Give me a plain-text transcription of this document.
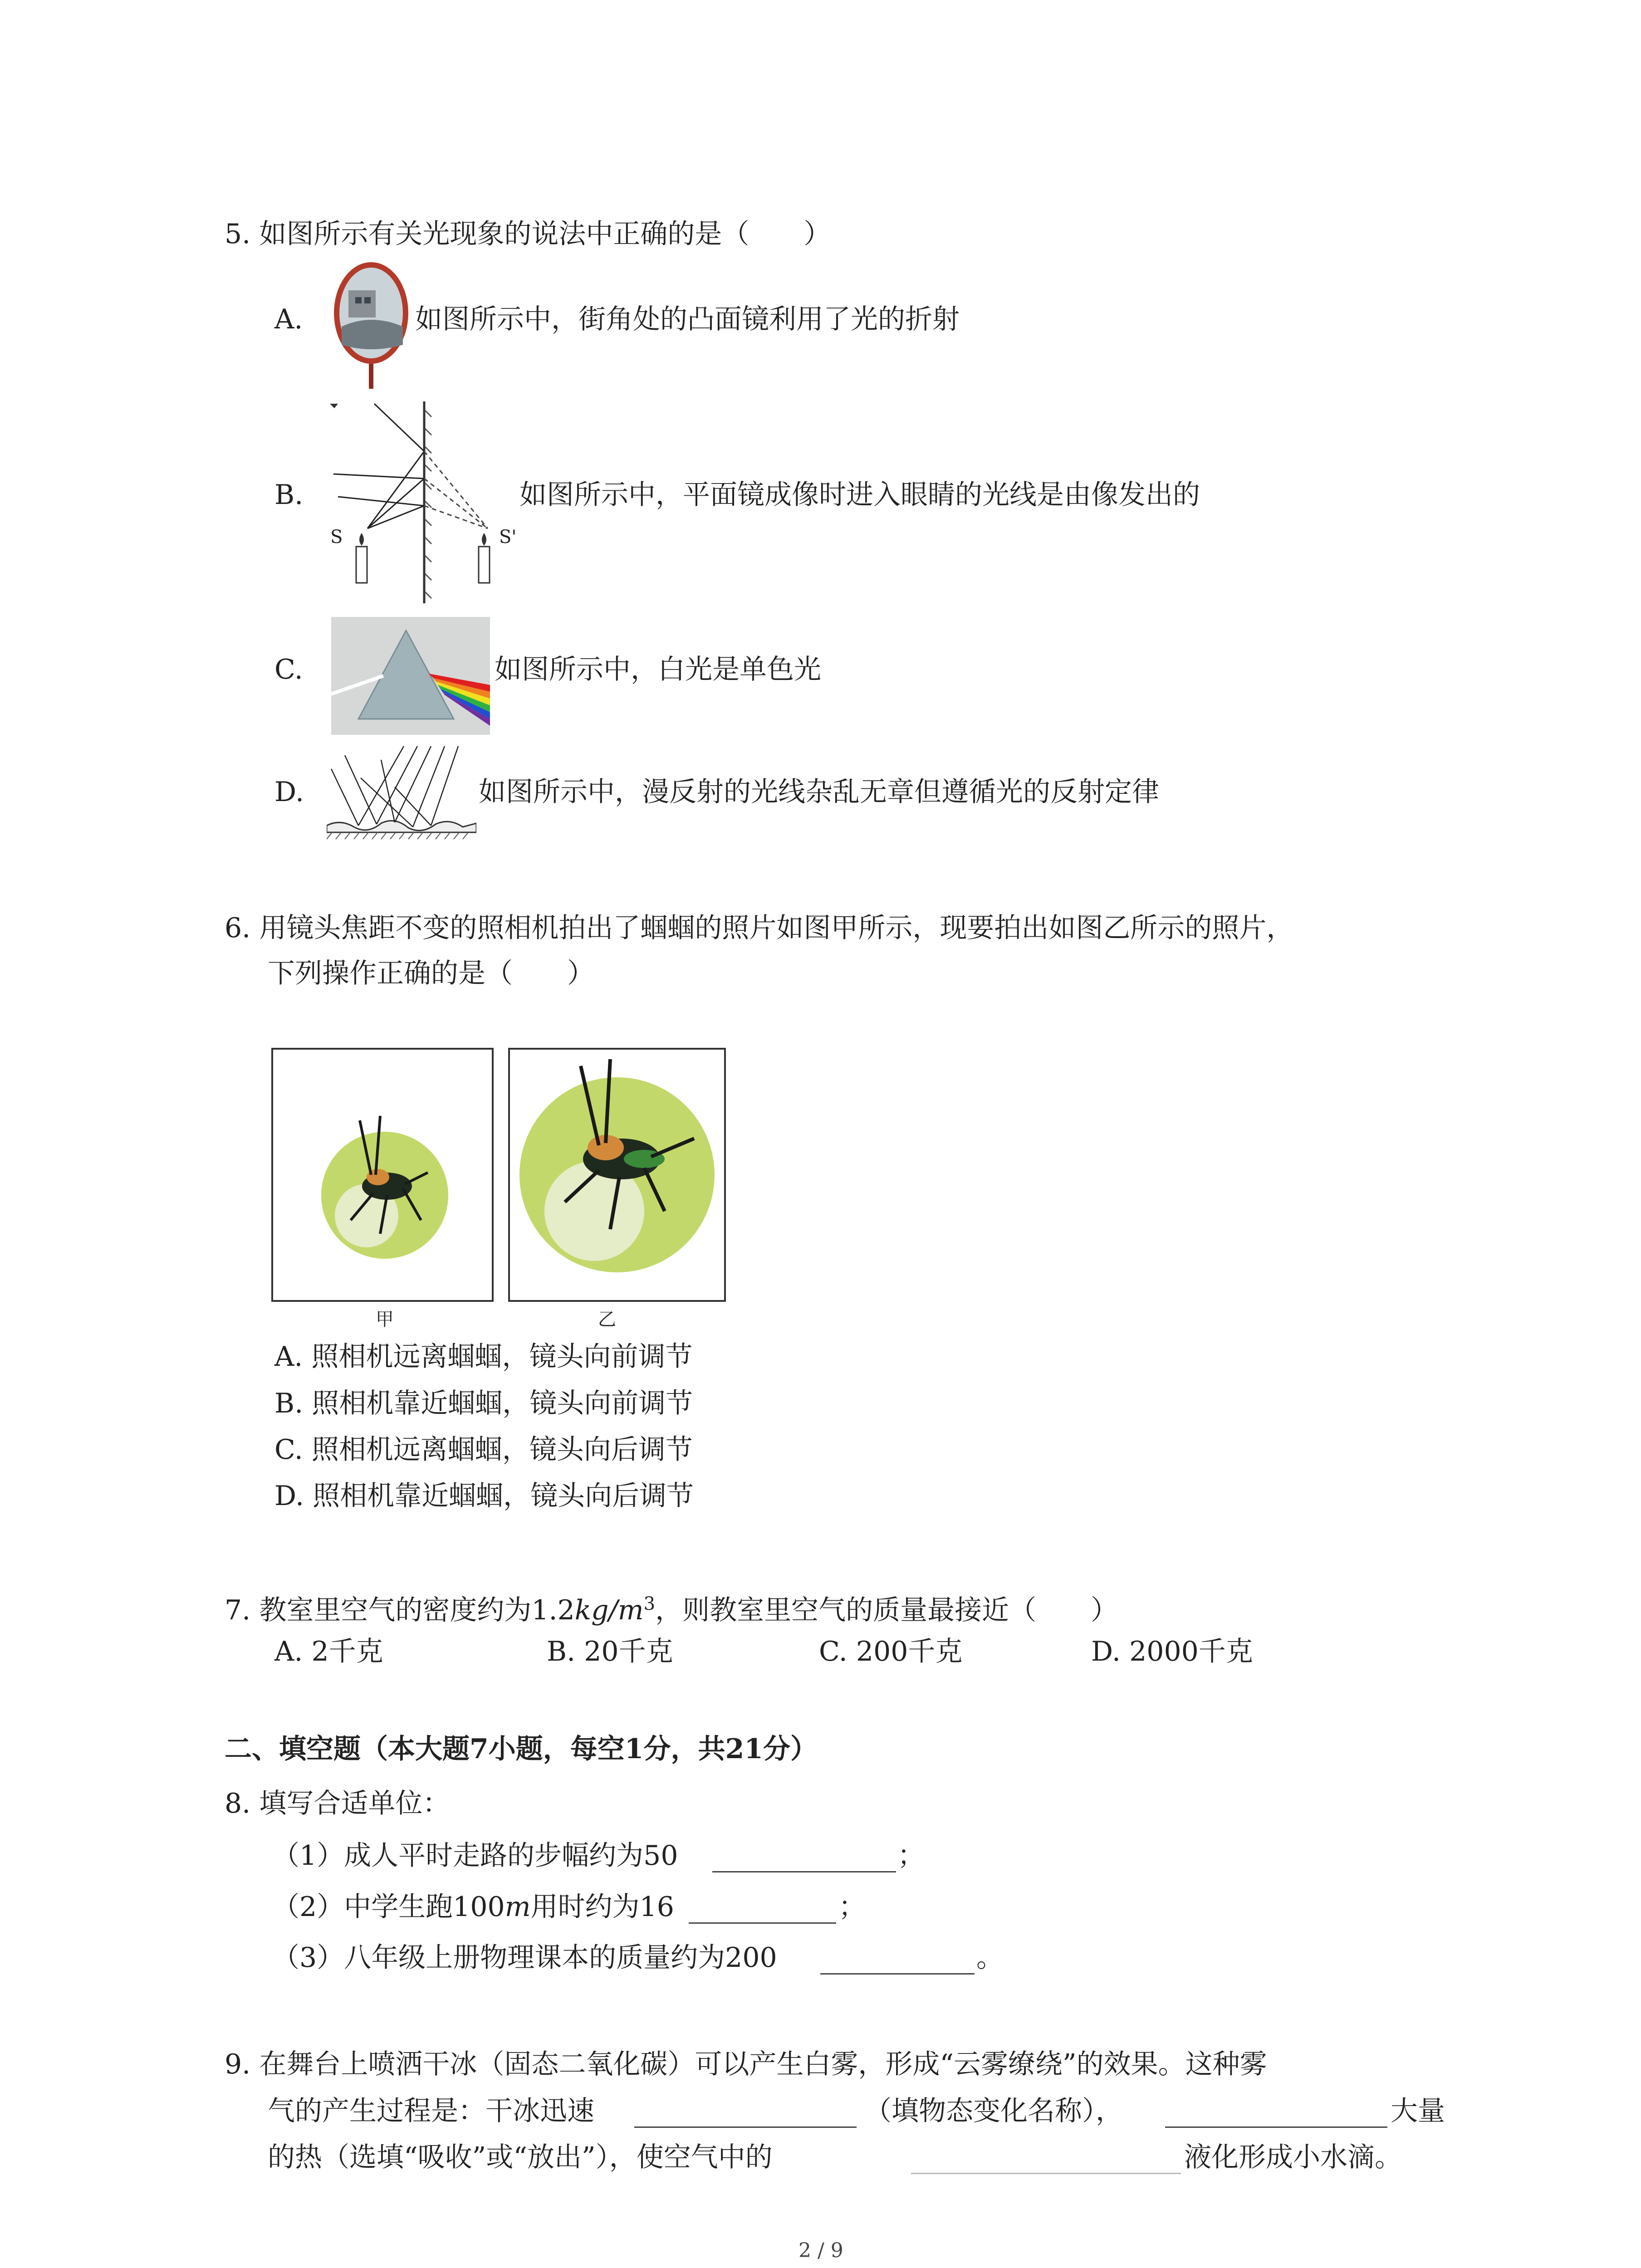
5. 如图所示有关光现象的说法中正确的是（　　）
A.	如图所示中，街角处的凸面镜利用了光的折射
B.
S	S'
如图所示中，平面镜成像时进入眼睛的光线是由像发出的
C.	如图所示中，白光是单色光
D.	如图所示中，漫反射的光线杂乱无章但遵循光的反射定律
6. 用镜头焦距不变的照相机拍出了蝈蝈的照片如图甲所示，现要拍出如图乙所示的照片，
下列操作正确的是（　　）
甲	乙
A. 照相机远离蝈蝈，镜头向前调节
B. 照相机靠近蝈蝈，镜头向前调节
C. 照相机远离蝈蝈，镜头向后调节
D. 照相机靠近蝈蝈，镜头向后调节
7. 教室里空气的密度约为$1.2kg/m^3$，则教室里空气的质量最接近（　　）
A. 2千克	B. 20千克	C. 200千克	D. 2000千克
二、填空题（本大题7小题，每空1分，共21分）
8. 填写合适单位：
（1）成人平时走路的步幅约为50	；
（2）中学生跑100m用时约为16	；
（3）八年级上册物理课本的质量约为200	。
9. 在舞台上喷洒干冰（固态二氧化碳）可以产生白雾，形成“云雾缭绕”的效果。这种雾
气的产生过程是：干冰迅速	（填物态变化名称），	大量
的热（选填“吸收”或“放出”），使空气中的	液化形成小水滴。
2 / 9
